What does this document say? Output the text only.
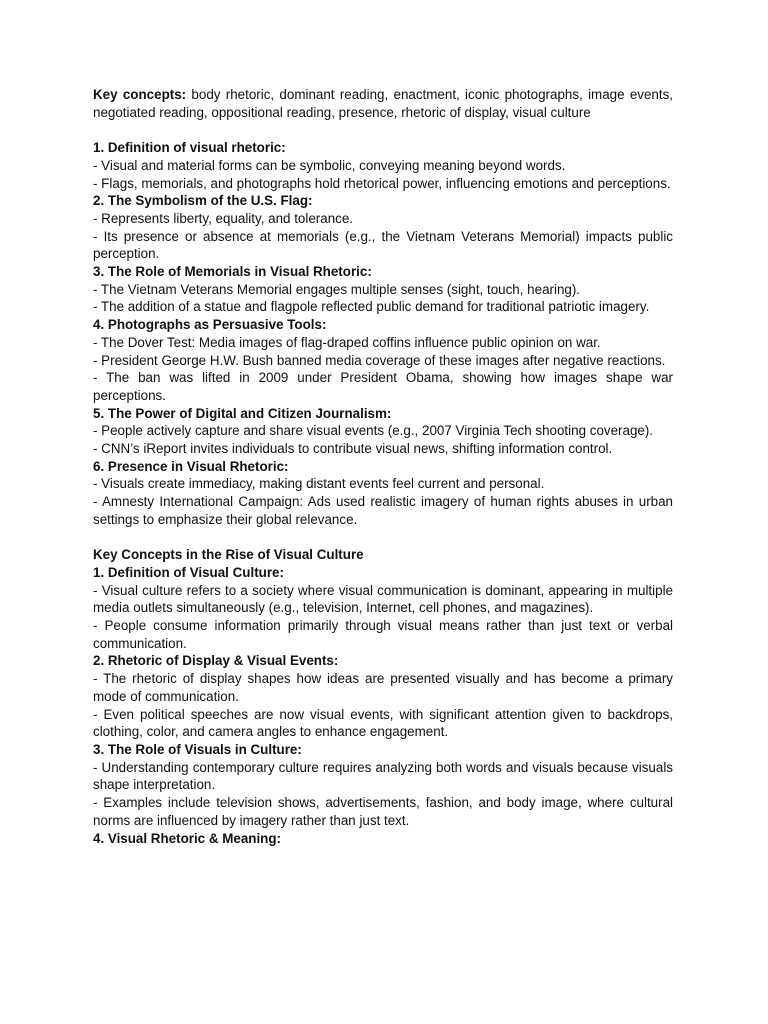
Key concepts: body rhetoric, dominant reading, enactment, iconic photographs, image events, negotiated reading, oppositional reading, presence, rhetoric of display, visual culture

1. Definition of visual rhetoric:

- Visual and material forms can be symbolic, conveying meaning beyond words.

- Flags, memorials, and photographs hold rhetorical power, influencing emotions and perceptions.

2. The Symbolism of the U.S. Flag:

- Represents liberty, equality, and tolerance.

- Its presence or absence at memorials (e.g., the Vietnam Veterans Memorial) impacts public perception.

3. The Role of Memorials in Visual Rhetoric:

- The Vietnam Veterans Memorial engages multiple senses (sight, touch, hearing).

- The addition of a statue and flagpole reflected public demand for traditional patriotic imagery.

4. Photographs as Persuasive Tools:

- The Dover Test: Media images of flag-draped coffins influence public opinion on war.

- President George H.W. Bush banned media coverage of these images after negative reactions.

- The ban was lifted in 2009 under President Obama, showing how images shape war perceptions.

5. The Power of Digital and Citizen Journalism:

- People actively capture and share visual events (e.g., 2007 Virginia Tech shooting coverage).

- CNN’s iReport invites individuals to contribute visual news, shifting information control.

6. Presence in Visual Rhetoric:

- Visuals create immediacy, making distant events feel current and personal.

- Amnesty International Campaign: Ads used realistic imagery of human rights abuses in urban settings to emphasize their global relevance.

Key Concepts in the Rise of Visual Culture

1. Definition of Visual Culture:

- Visual culture refers to a society where visual communication is dominant, appearing in multiple media outlets simultaneously (e.g., television, Internet, cell phones, and magazines).

- People consume information primarily through visual means rather than just text or verbal communication.

2. Rhetoric of Display & Visual Events:

- The rhetoric of display shapes how ideas are presented visually and has become a primary mode of communication.

- Even political speeches are now visual events, with significant attention given to backdrops, clothing, color, and camera angles to enhance engagement.

3. The Role of Visuals in Culture:

- Understanding contemporary culture requires analyzing both words and visuals because visuals shape interpretation.

- Examples include television shows, advertisements, fashion, and body image, where cultural norms are influenced by imagery rather than just text.

4. Visual Rhetoric & Meaning:
